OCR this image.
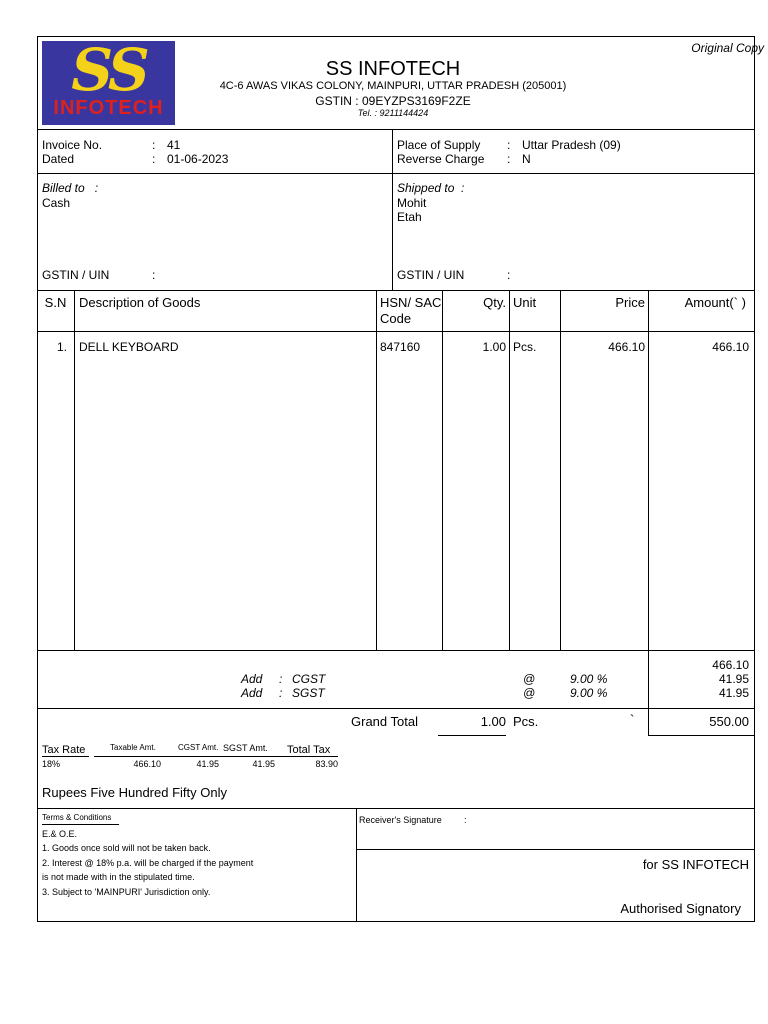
SS
INFOTECH
Original Copy
SS INFOTECH
4C-6 AWAS VIKAS COLONY, MAINPURI, UTTAR PRADESH (205001)
GSTIN : 09EYZPS3169F2ZE
Tel. : 9211144424
Invoice No.	: 41
Dated	: 01-06-2023
Place of Supply : Uttar Pradesh (09)
Reverse Charge : N
Billed to   :
Cash
GSTIN / UIN	:
Shipped to  :
Mohit
Etah
GSTIN / UIN	:
S.N Description of Goods	HSN/ SAC
Code
Qty. Unit	Price	Amount(` )
1. DELL KEYBOARD	847160	1.00 Pcs.	466.10	466.10
466.10
Add : CGST	@	9.00 %	41.95
Add : SGST	@	9.00 %	41.95
Grand Total	1.00 Pcs.	`	550.00
Tax Rate	Taxable Amt.	CGST Amt. SGST Amt. Total Tax
18%	466.10	41.95	41.95	83.90
Rupees Five Hundred Fifty Only
Terms & Conditions
E.& O.E.
1. Goods once sold will not be taken back.
2. Interest @ 18% p.a. will be charged if the payment
is not made with in the stipulated time.
3. Subject to 'MAINPURI' Jurisdiction only.
Receiver's Signature :
for SS INFOTECH
Authorised Signatory
